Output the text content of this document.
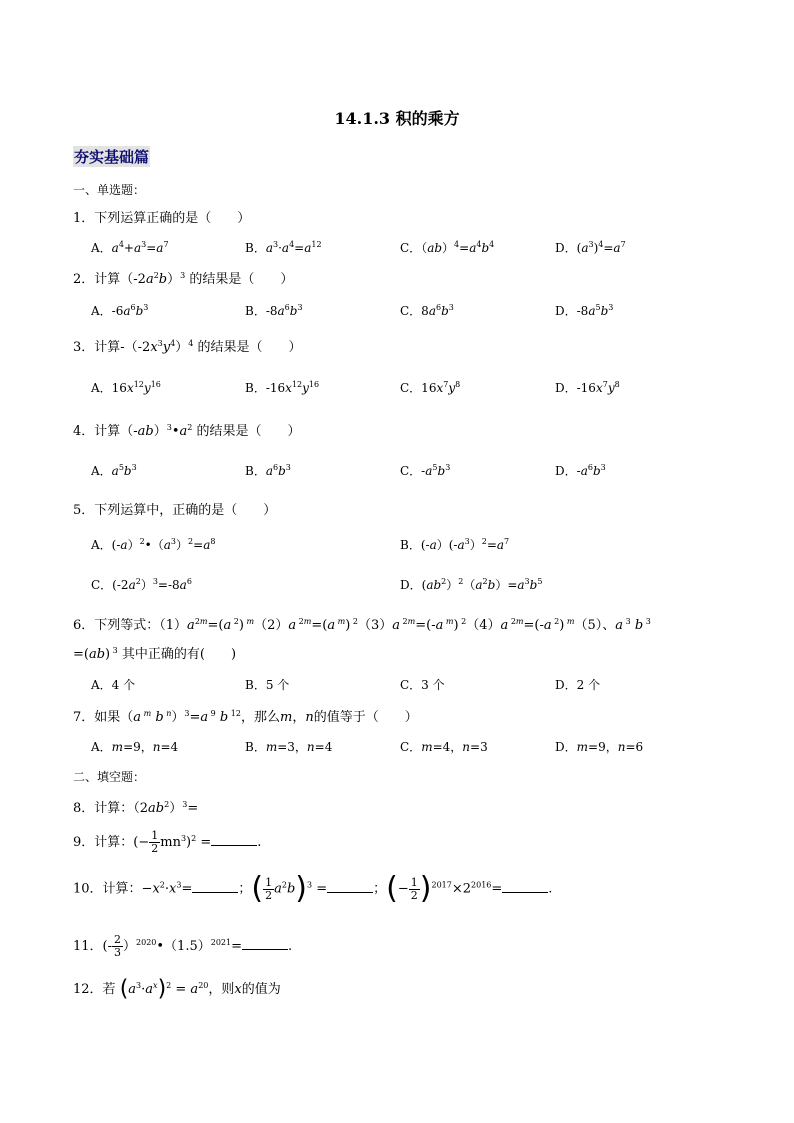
14.1.3 积的乘方
夯实基础篇
一、单选题：
1．下列运算正确的是（　　）
A．$a^4+a^3=a^7$	B．$a^3\cdot a^4=a^{12}$	C．$(ab)^4=a^4b^4$	D．$(a^3)^4=a^7$
2．计算$(-2a^2b)^3$ 的结果是（　　）
A．$-6a^6b^3$	B．$-8a^6b^3$	C．$8a^6b^3$	D．$-8a^5b^3$
3．计算$-(-2x^3y^4)^4$ 的结果是（　　）
A．$16x^{12}y^{16}$	B．$-16x^{12}y^{16}$	C．$16x^7y^8$	D．$-16x^7y^8$
4．计算$(-ab)^3•a^2$ 的结果是（　　）
A．$a^5b^3$	B．$a^6b^3$	C．$-a^5b^3$	D．$-a^6b^3$
5．下列运算中，正确的是（　　）
A．$(-a)^2•(a^3)^2=a^8$	B．$(-a)(-a^3)^2=a^7$
C．$(-2a^2)^3=-8a^6$	D．$(ab^2)^2(a^2b)=a^3b^5$
6．下列等式：$(1)a^{2m}=(a$ $^2$) $^m$（2）a $^{2m}$=(a $^m$) $^2$（3）a $^{2m}$=(-a $^m$) $^2$（4）a $^{2m}$=(-a $^2$) $^m$（5）、a $^3$ b $^3$
=(ab) $^3$ 其中正确的有(　　)
A．4 个	B．5 个	C．3 个	D．2 个
7．如果（a $^m$ b $^n$）$^3$=a $^9$ b $^{12}$，那么m，n的值等于（　　）
A．m=9，n=4	B．m=3，n=4	C．m=4，n=3	D．m=9，n=6
二、填空题：
8．计算：$(2ab^2)^3=$
9．计算：(− $\frac{1}{2} mn^3)^2$ =	.
10．计算：$-x^2\cdot x^3=$	；( $\frac{1}{2} a^2b)^3$ =	；(− $\frac{1}{2} )^{2017}\times 2^{2016}=$	.
11．(- $\frac{2}{3}$ ）$^{2020}•(1.5)^{2021}=$	.
12．若 $(a^3\cdot a^x)^2 = a^{20}$，则x的值为
